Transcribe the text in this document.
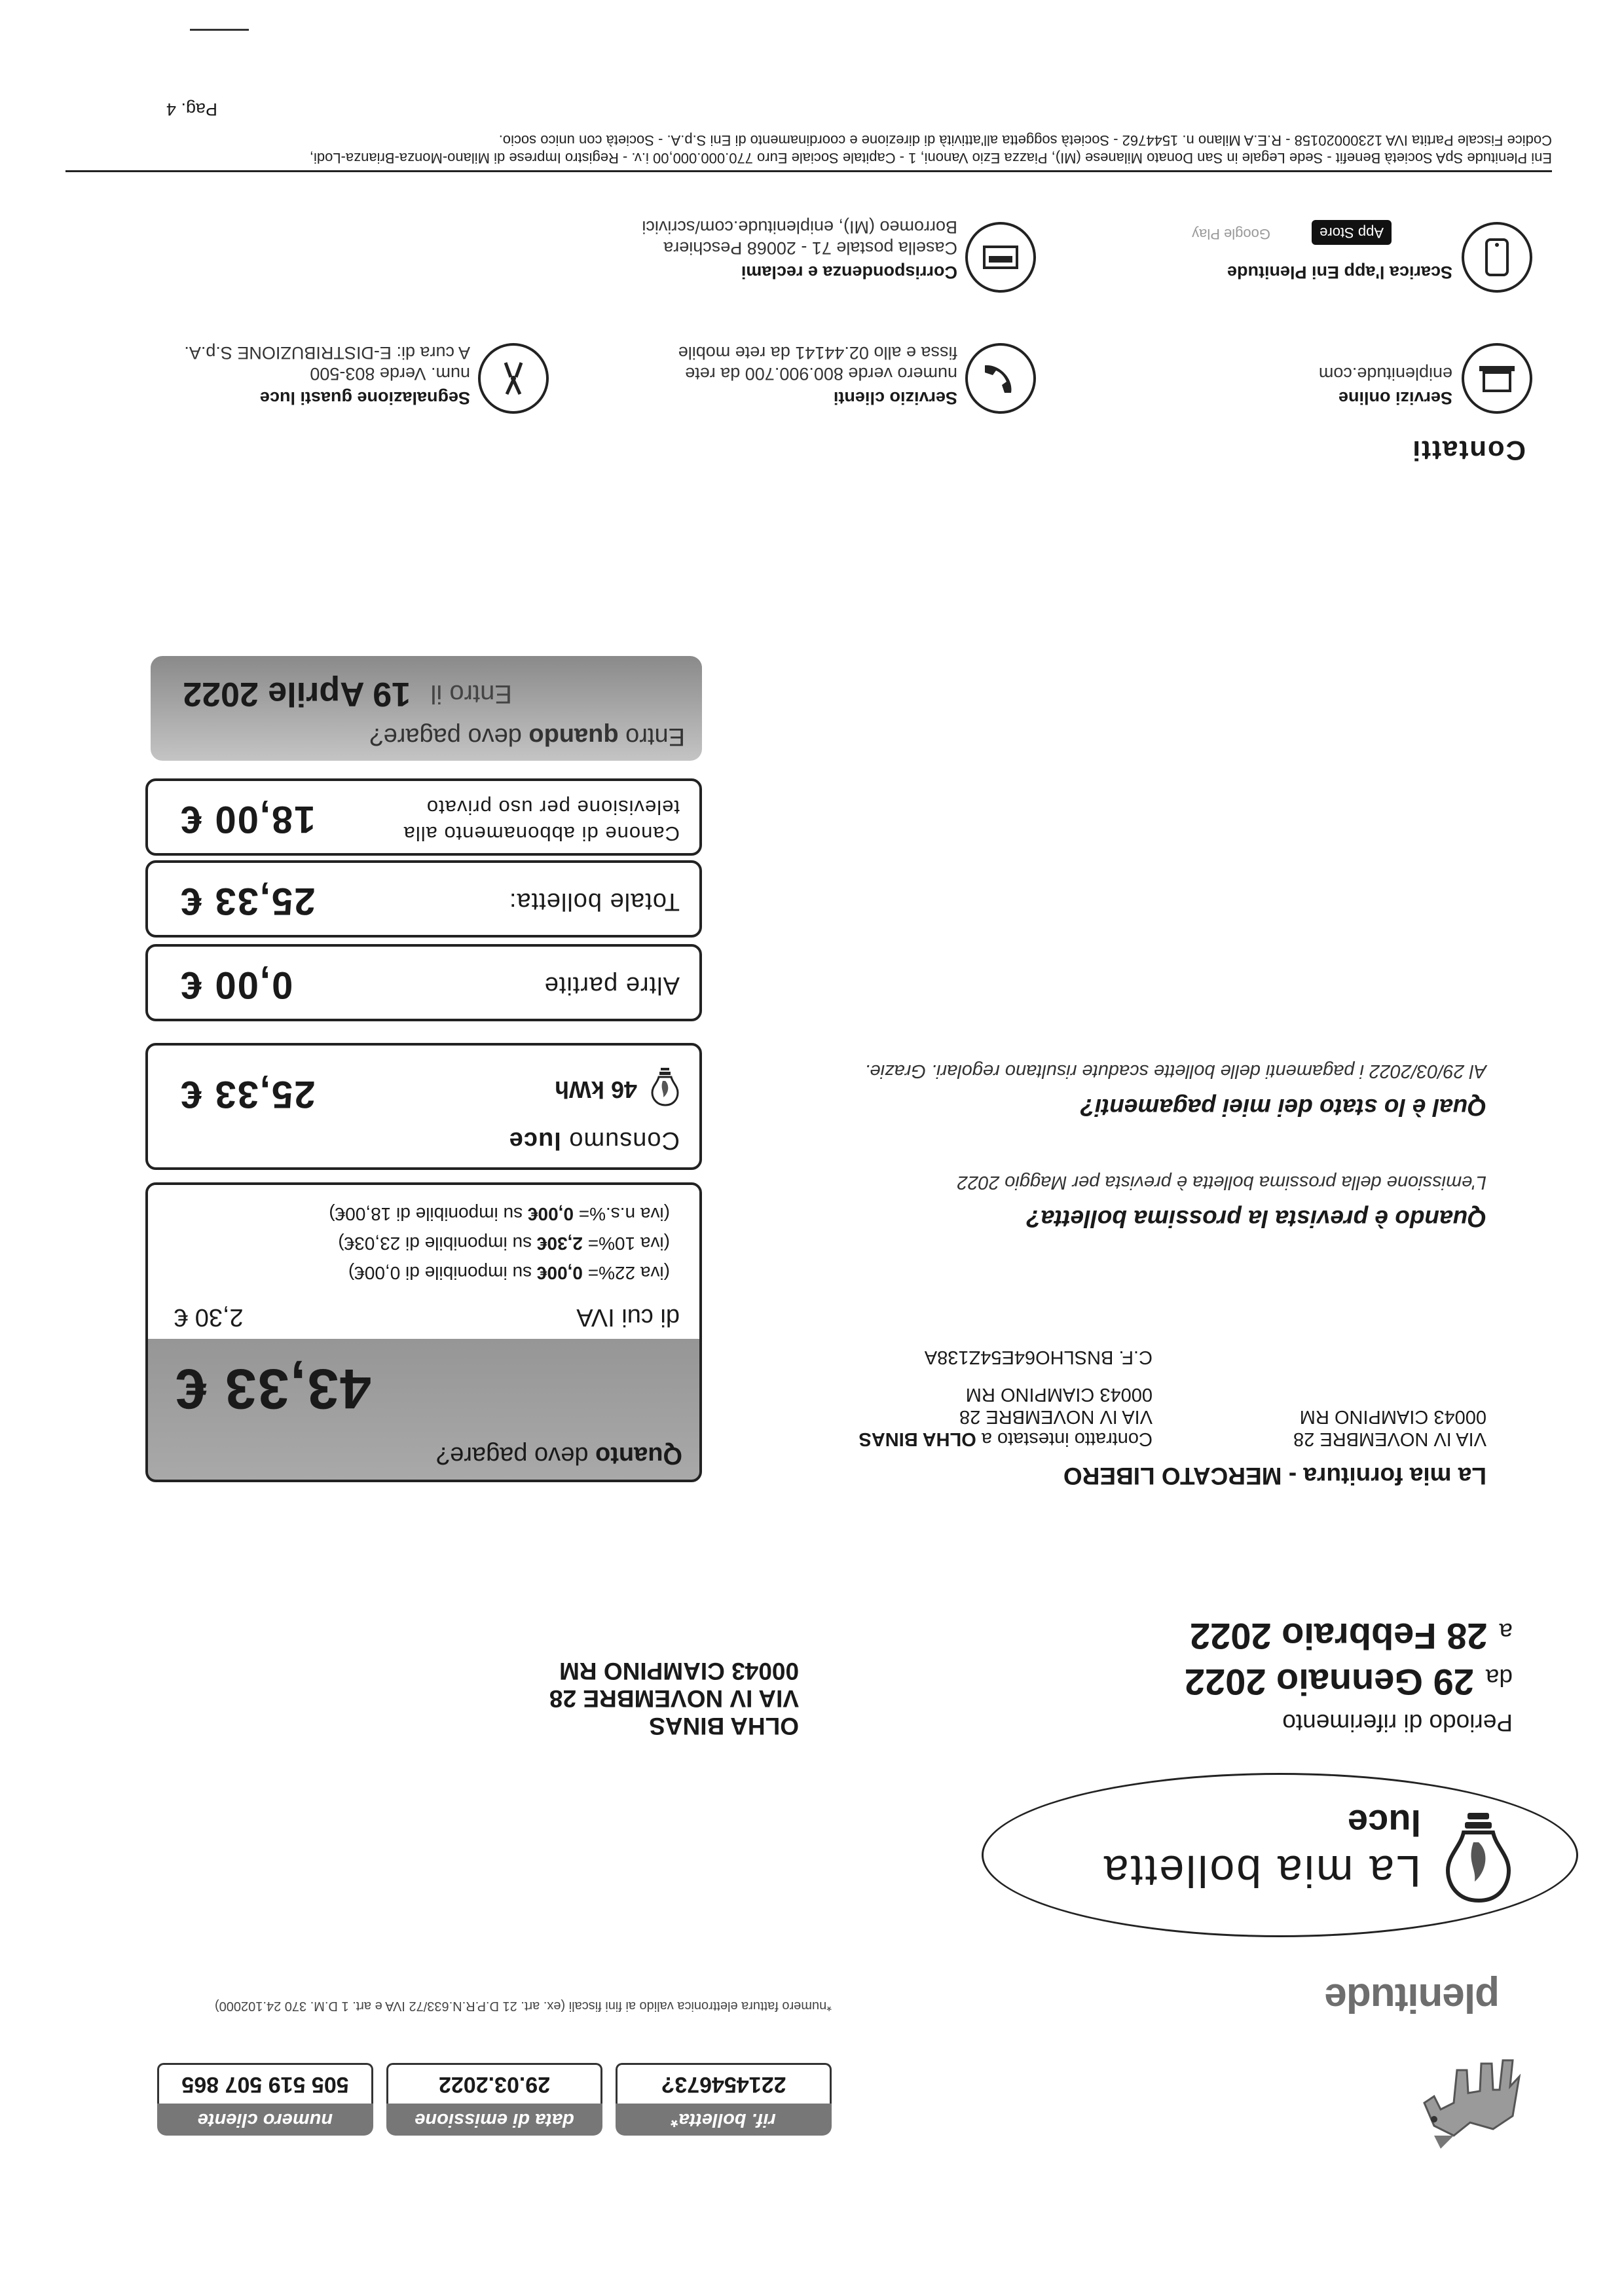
plenitude
rif. bolletta*
221454673?
data di emissione
29.03.2022
numero cliente
505 519 507 865
*numero fattura elettronica valido ai fini fiscali (ex. art. 21 D.P.R.N.633/72 IVA e art. 1 D.M. 370 24.102000)
La mia bolletta
luce
OLHA BINAS
VIA IV NOVEMBRE 28
00043 CIAMPINO RM
Periodo di riferimento
da29 Gennaio 2022
a28 Febbraio 2022
La mia fornitura - MERCATO LIBERO
VIA IV NOVEMBRE 28
00043 CIAMPINO RM
Contratto intestato a OLHA BINAS
VIA IV NOVEMBRE 28
00043 CIAMPINO RM
C.F. BNSLHO64E54Z138A
Quando è prevista la prossima bolletta?
L'emissione della prossima bolletta è prevista per Maggio 2022
Qual è lo stato dei miei pagamenti?
Al 29/03/2022 i pagamenti delle bollette scadute risultano regolari. Grazie.
Quanto devo pagare?
43,33 €
di cui IVA
2,30 €
(iva 22%= 0,00€ su imponibile di 0,00€)
(iva 10%= 2,30€ su imponibile di 23,03€)
(iva n.s.%= 0,00€ su imponibile di 18,00€)
Consumo luce
46 kWh
25,33 €
Altre partite
0,00 €
Totale bolletta:
25,33 €
Canone di abbonamento alla
televisione per uso privato
18,00 €
Entro quando devo pagare?
Entro il
19 Aprile 2022
Contatti
Servizi online
eniplenitude.com
Servizio clienti
numero verde 800.900.700 da rete
fissa e allo 02.44141 da rete mobile
Segnalazione guasti luce
num. Verde 803-500
A cura di: E-DISTRIBUZIONE S.p.A.
Scarica l'app Eni Plenitude
App Store
Google Play
Corrispondenza e reclami
Casella postale 71 - 20068 Peschiera
Borromeo (MI), eniplenitude.com/scrivici
Eni Plenitude SpA Società Benefit - Sede Legale in San Donato Milanese (MI), Piazza Ezio Vanoni, 1 - Capitale Sociale Euro 770.000.000,00 i.v. - Registro Imprese di Milano-Monza-Brianza-Lodi,
Codice Fiscale Partita IVA 12300020158 - R.E.A Milano n. 1544762 - Società soggetta all'attività di direzione e coordinamento di Eni S.p.A. - Società con unico socio.
Pag. 4
